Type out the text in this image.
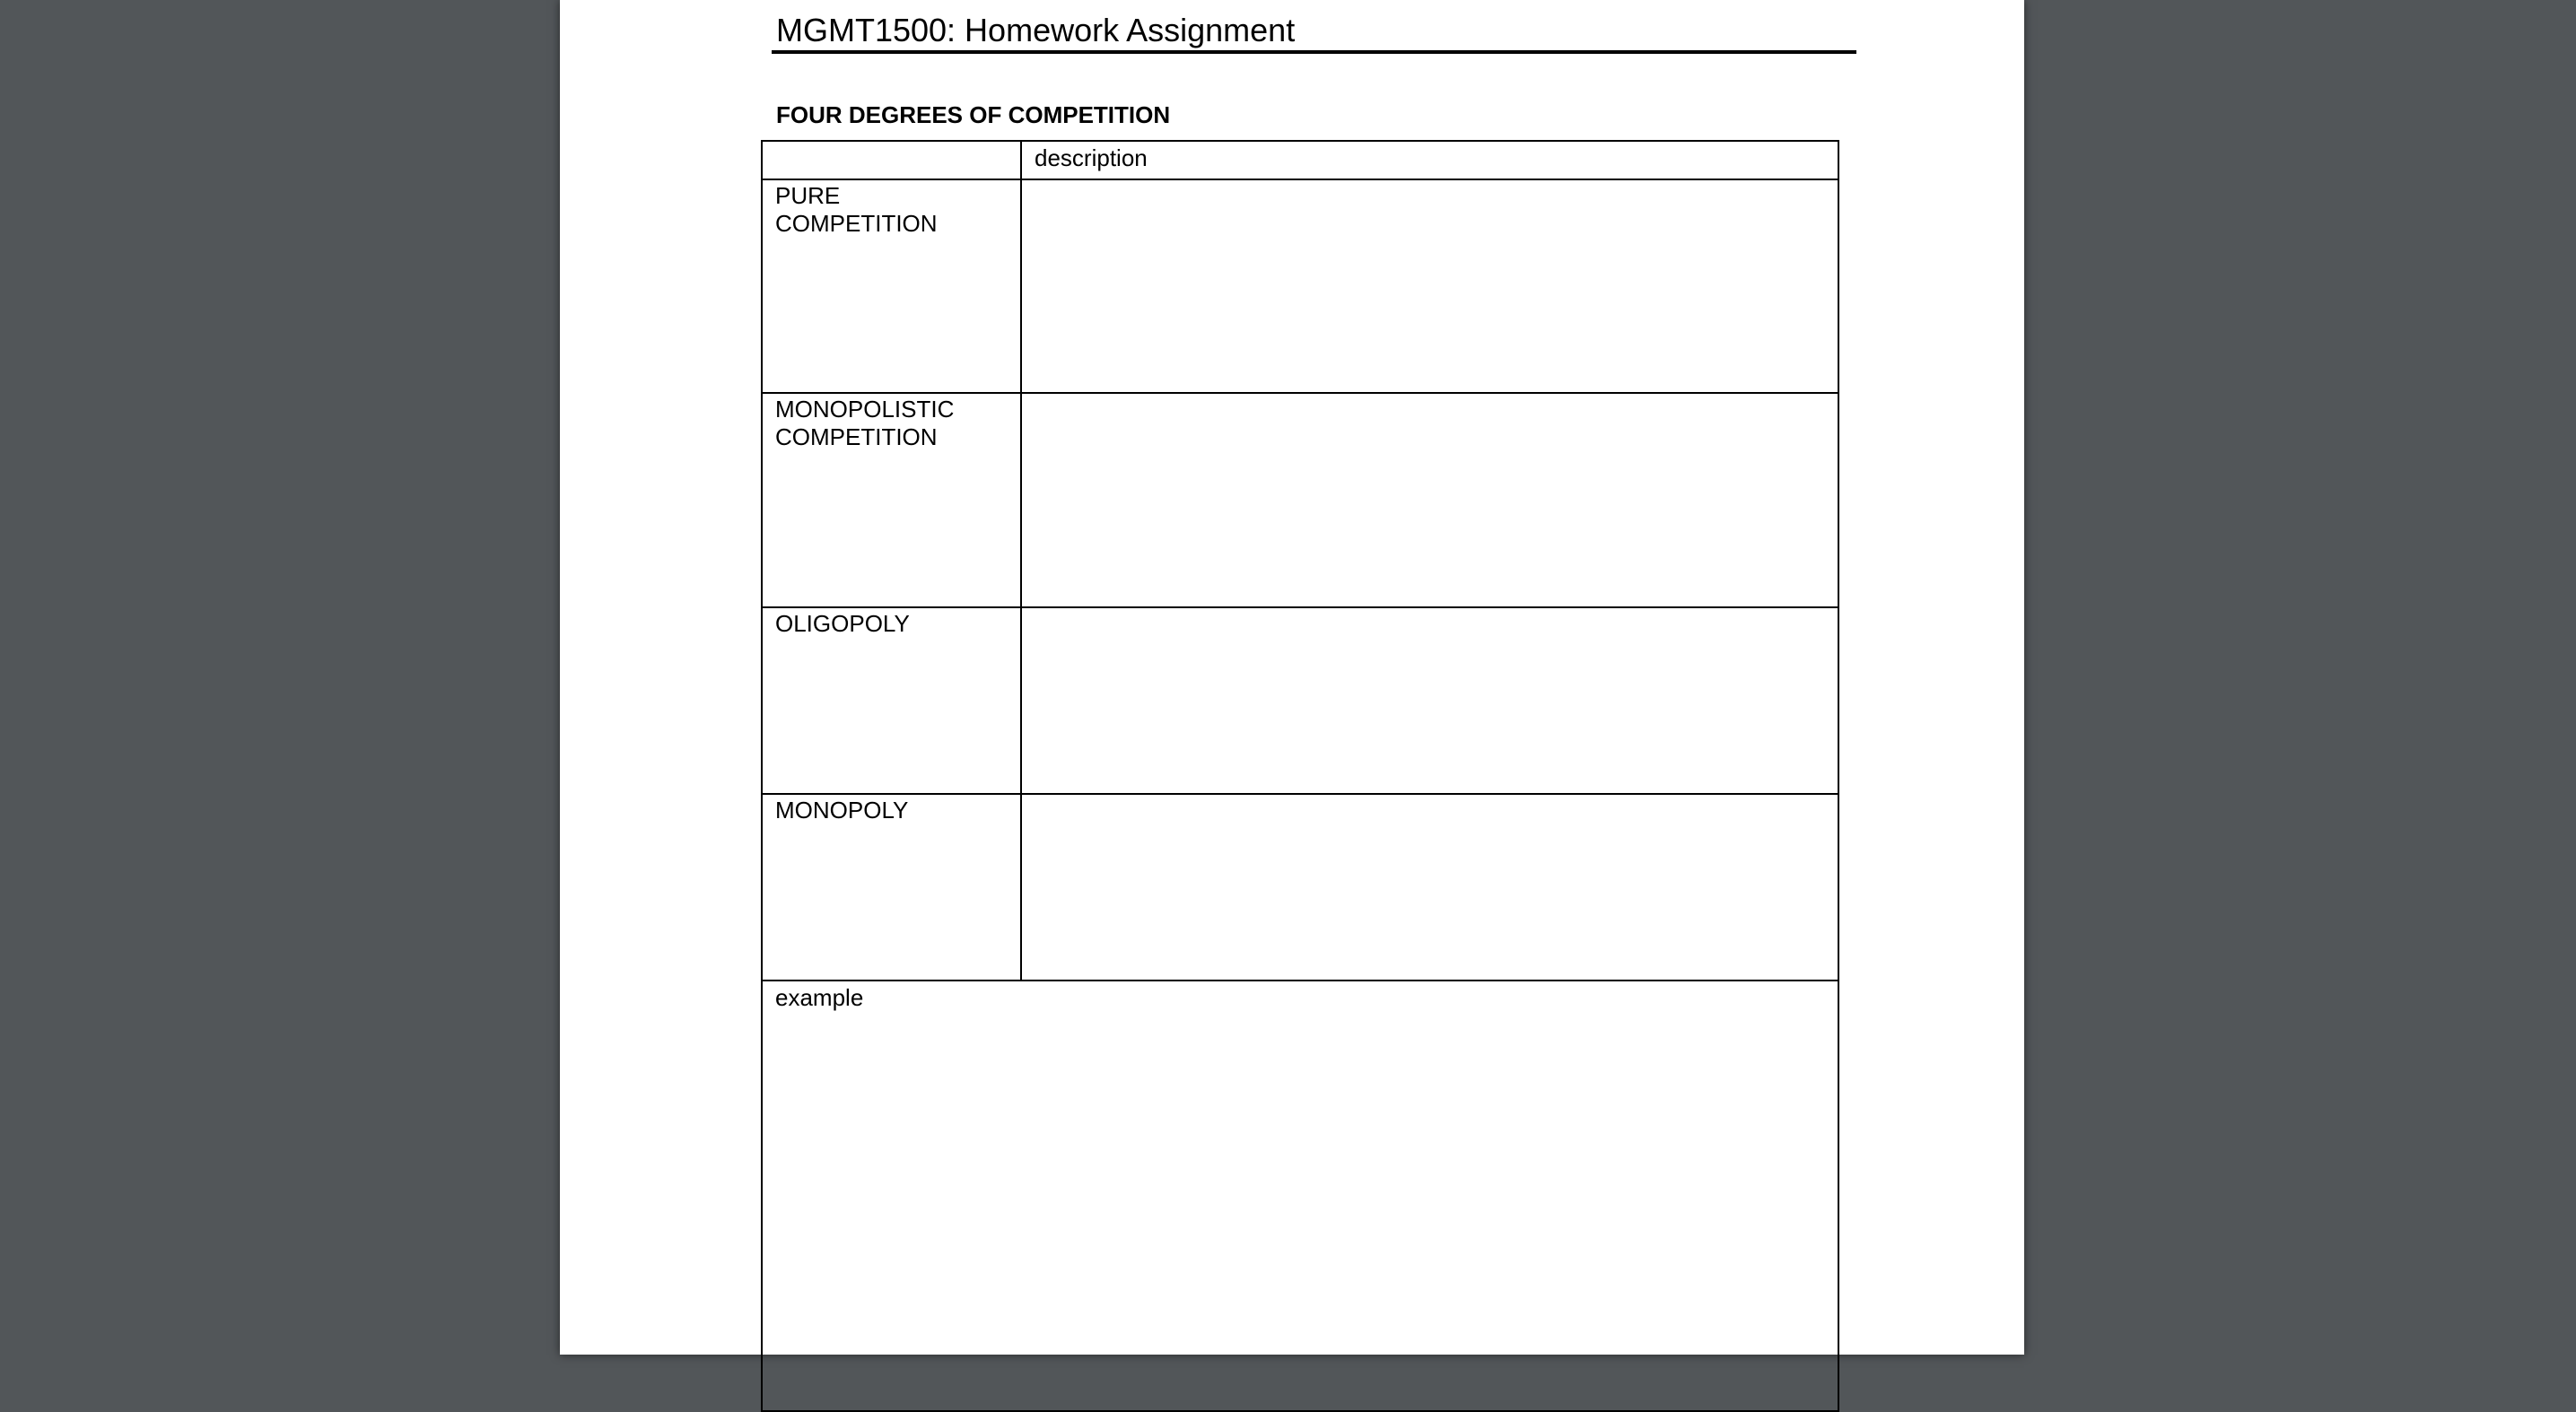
MGMT1500: Homework Assignment
FOUR DEGREES OF COMPETITION
	description

PURE
COMPETITION	

MONOPOLISTIC
COMPETITION	

OLIGOPOLY	

MONOPOLY	

example	
